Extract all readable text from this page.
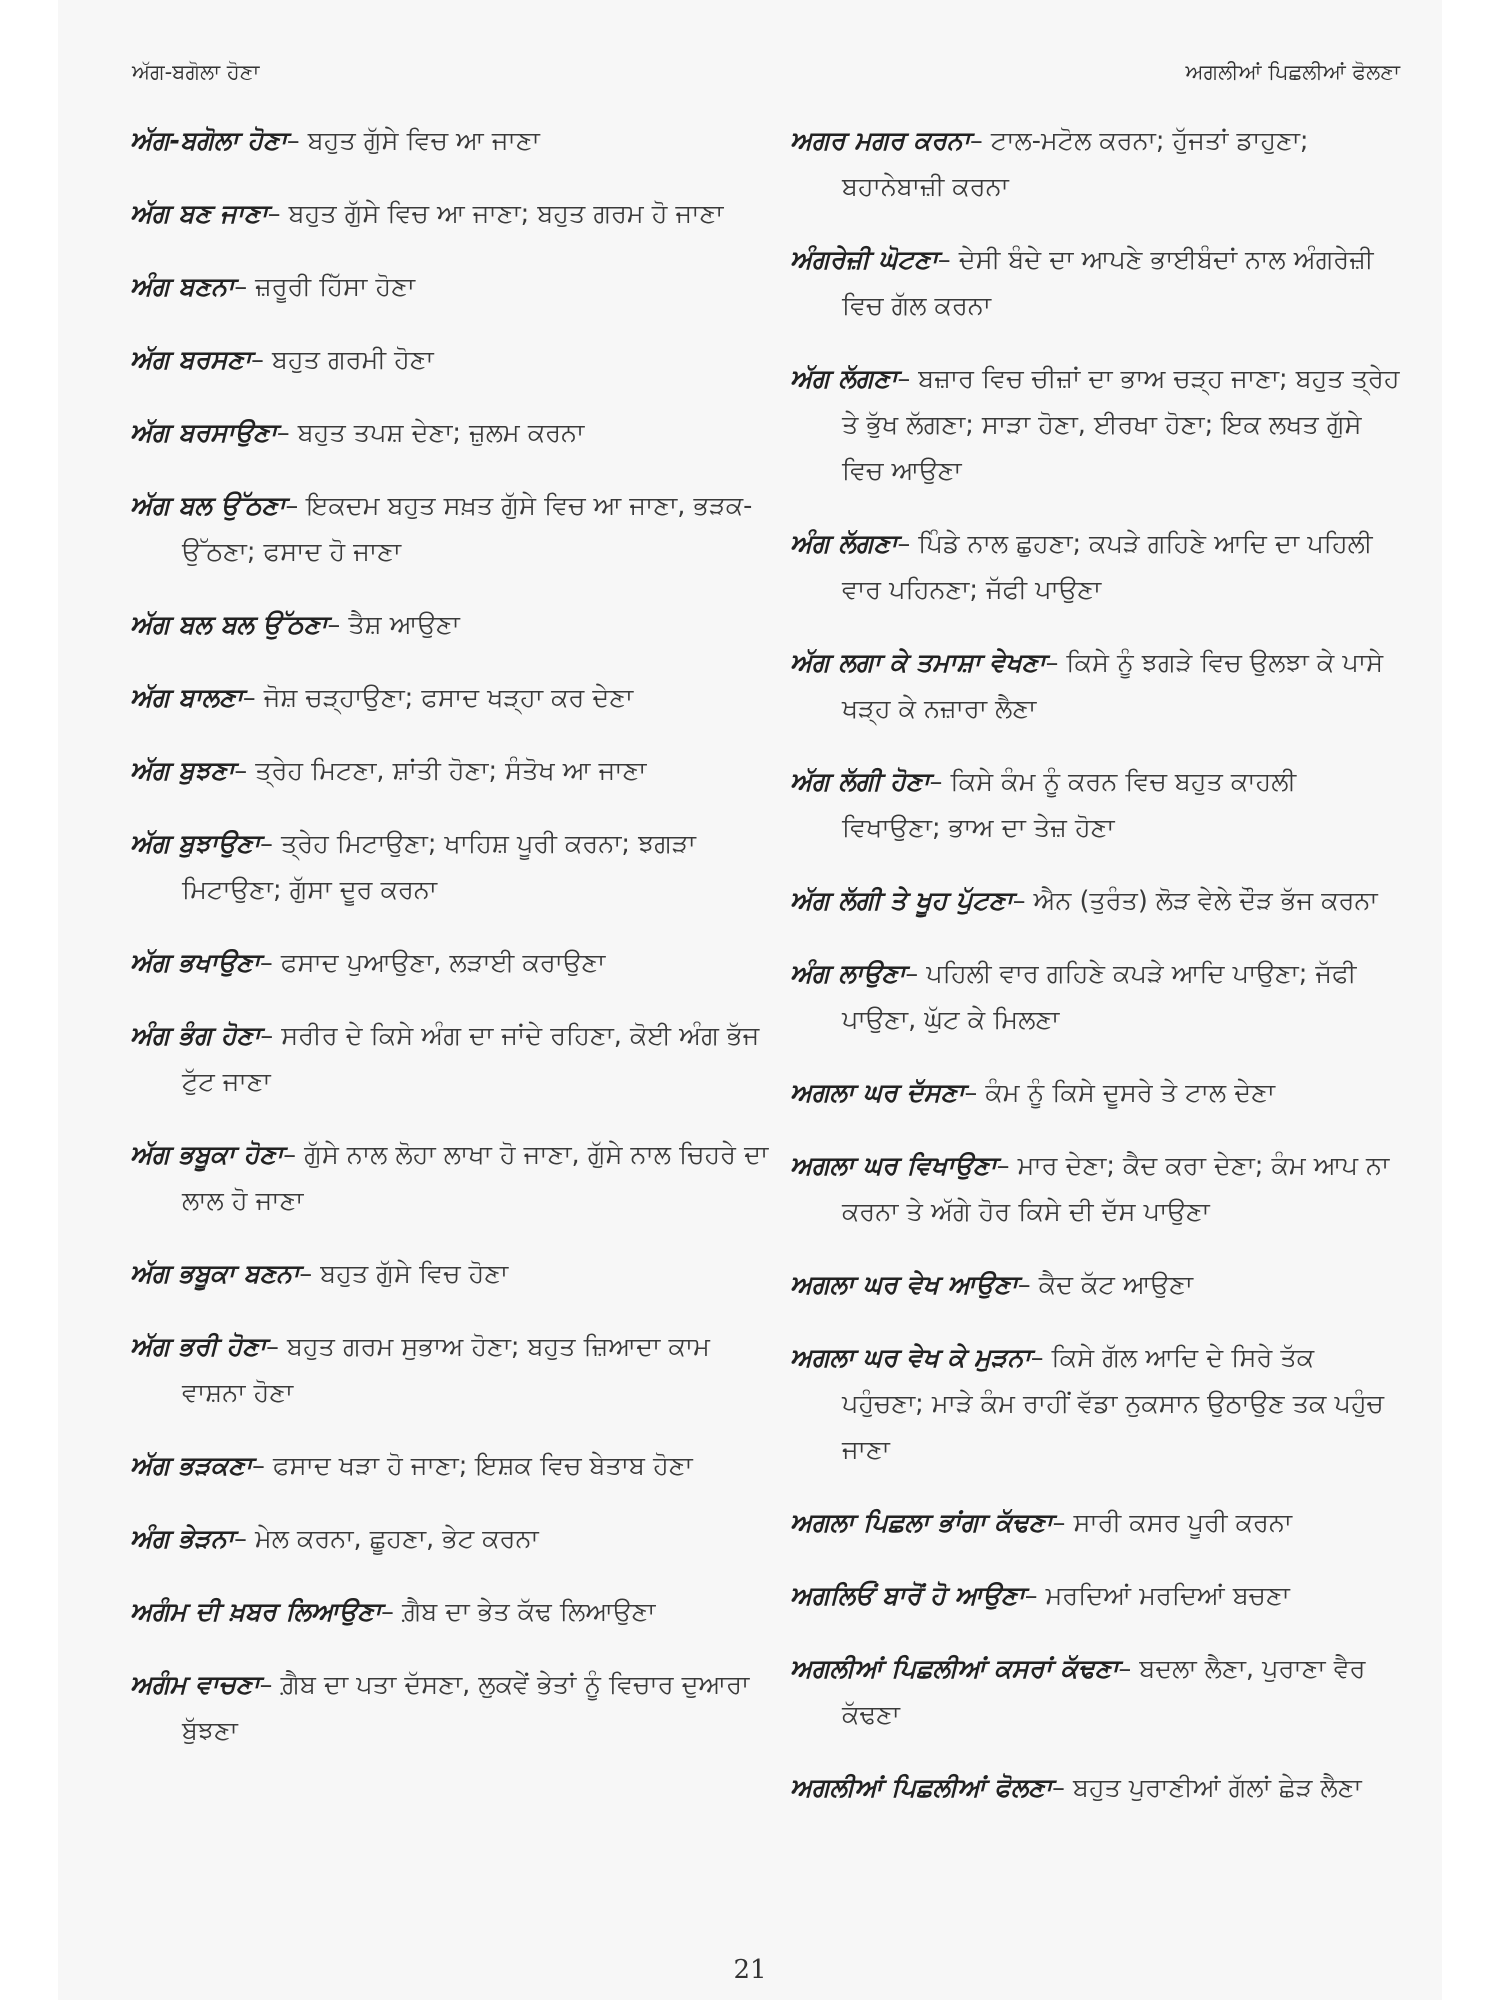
ਅੱਗ-ਬਗੋਲਾ ਹੋਣਾ	ਅਗਲੀਆਂ ਪਿਛਲੀਆਂ ਫੋਲਣਾ
ਅੱਗ-ਬਗੋਲਾ ਹੋਣਾ– ਬਹੁਤ ਗੁੱਸੇ ਵਿਚ ਆ ਜਾਣਾ
ਅੱਗ ਬਣ ਜਾਣਾ– ਬਹੁਤ ਗੁੱਸੇ ਵਿਚ ਆ ਜਾਣਾ; ਬਹੁਤ ਗਰਮ ਹੋ ਜਾਣਾ
ਅੰਗ ਬਣਨਾ– ਜ਼ਰੂਰੀ ਹਿੱਸਾ ਹੋਣਾ
ਅੱਗ ਬਰਸਣਾ– ਬਹੁਤ ਗਰਮੀ ਹੋਣਾ
ਅੱਗ ਬਰਸਾਉਣਾ– ਬਹੁਤ ਤਪਸ਼ ਦੇਣਾ; ਜ਼ੁਲਮ ਕਰਨਾ
ਅੱਗ ਬਲ ਉੱਠਣਾ– ਇਕਦਮ ਬਹੁਤ ਸਖ਼ਤ ਗੁੱਸੇ ਵਿਚ ਆ ਜਾਣਾ, ਭੜਕ-ਉੱਠਣਾ; ਫਸਾਦ ਹੋ ਜਾਣਾ
ਅੱਗ ਬਲ ਬਲ ਉੱਠਣਾ– ਤੈਸ਼ ਆਉਣਾ
ਅੱਗ ਬਾਲਣਾ– ਜੋਸ਼ ਚੜ੍ਹਾਉਣਾ; ਫਸਾਦ ਖੜ੍ਹਾ ਕਰ ਦੇਣਾ
ਅੱਗ ਬੁਝਣਾ– ਤ੍ਰੇਹ ਮਿਟਣਾ, ਸ਼ਾਂਤੀ ਹੋਣਾ; ਸੰਤੋਖ ਆ ਜਾਣਾ
ਅੱਗ ਬੁਝਾਉਣਾ– ਤ੍ਰੇਹ ਮਿਟਾਉਣਾ; ਖਾਹਿਸ਼ ਪੂਰੀ ਕਰਨਾ; ਝਗੜਾ ਮਿਟਾਉਣਾ; ਗੁੱਸਾ ਦੂਰ ਕਰਨਾ
ਅੱਗ ਭਖਾਉਣਾ– ਫਸਾਦ ਪੁਆਉਣਾ, ਲੜਾਈ ਕਰਾਉਣਾ
ਅੰਗ ਭੰਗ ਹੋਣਾ– ਸਰੀਰ ਦੇ ਕਿਸੇ ਅੰਗ ਦਾ ਜਾਂਦੇ ਰਹਿਣਾ, ਕੋਈ ਅੰਗ ਭੱਜ ਟੁੱਟ ਜਾਣਾ
ਅੱਗ ਭਬੂਕਾ ਹੋਣਾ– ਗੁੱਸੇ ਨਾਲ ਲੋਹਾ ਲਾਖਾ ਹੋ ਜਾਣਾ, ਗੁੱਸੇ ਨਾਲ ਚਿਹਰੇ ਦਾ ਲਾਲ ਹੋ ਜਾਣਾ
ਅੱਗ ਭਬੂਕਾ ਬਣਨਾ– ਬਹੁਤ ਗੁੱਸੇ ਵਿਚ ਹੋਣਾ
ਅੱਗ ਭਰੀ ਹੋਣਾ– ਬਹੁਤ ਗਰਮ ਸੁਭਾਅ ਹੋਣਾ; ਬਹੁਤ ਜ਼ਿਆਦਾ ਕਾਮ ਵਾਸ਼ਨਾ ਹੋਣਾ
ਅੱਗ ਭੜਕਣਾ– ਫਸਾਦ ਖੜਾ ਹੋ ਜਾਣਾ; ਇਸ਼ਕ ਵਿਚ ਬੇਤਾਬ ਹੋਣਾ
ਅੰਗ ਭੇੜਨਾ– ਮੇਲ ਕਰਨਾ, ਛੂਹਣਾ, ਭੇਟ ਕਰਨਾ
ਅਗੰਮ ਦੀ ਖ਼ਬਰ ਲਿਆਉਣਾ– ਗ਼ੈਬ ਦਾ ਭੇਤ ਕੱਢ ਲਿਆਉਣਾ
ਅਗੰਮ ਵਾਚਣਾ– ਗ਼ੈਬ ਦਾ ਪਤਾ ਦੱਸਣਾ, ਲੁਕਵੇਂ ਭੇਤਾਂ ਨੂੰ ਵਿਚਾਰ ਦੁਆਰਾ ਬੁੱਝਣਾ
ਅਗਰ ਮਗਰ ਕਰਨਾ– ਟਾਲ-ਮਟੋਲ ਕਰਨਾ; ਹੁੱਜਤਾਂ ਡਾਹੁਣਾ; ਬਹਾਨੇਬਾਜ਼ੀ ਕਰਨਾ
ਅੰਗਰੇਜ਼ੀ ਘੋਟਣਾ– ਦੇਸੀ ਬੰਦੇ ਦਾ ਆਪਣੇ ਭਾਈਬੰਦਾਂ ਨਾਲ ਅੰਗਰੇਜ਼ੀ ਵਿਚ ਗੱਲ ਕਰਨਾ
ਅੱਗ ਲੱਗਣਾ– ਬਜ਼ਾਰ ਵਿਚ ਚੀਜ਼ਾਂ ਦਾ ਭਾਅ ਚੜ੍ਹ ਜਾਣਾ; ਬਹੁਤ ਤ੍ਰੇਹ ਤੇ ਭੁੱਖ ਲੱਗਣਾ; ਸਾੜਾ ਹੋਣਾ, ਈਰਖਾ ਹੋਣਾ; ਇਕ ਲਖਤ ਗੁੱਸੇ ਵਿਚ ਆਉਣਾ
ਅੰਗ ਲੱਗਣਾ– ਪਿੰਡੇ ਨਾਲ ਛੁਹਣਾ; ਕਪੜੇ ਗਹਿਣੇ ਆਦਿ ਦਾ ਪਹਿਲੀ ਵਾਰ ਪਹਿਨਣਾ; ਜੱਫੀ ਪਾਉਣਾ
ਅੱਗ ਲਗਾ ਕੇ ਤਮਾਸ਼ਾ ਵੇਖਣਾ– ਕਿਸੇ ਨੂੰ ਝਗੜੇ ਵਿਚ ਉਲਝਾ ਕੇ ਪਾਸੇ ਖੜ੍ਹ ਕੇ ਨਜ਼ਾਰਾ ਲੈਣਾ
ਅੱਗ ਲੱਗੀ ਹੋਣਾ– ਕਿਸੇ ਕੰਮ ਨੂੰ ਕਰਨ ਵਿਚ ਬਹੁਤ ਕਾਹਲੀ ਵਿਖਾਉਣਾ; ਭਾਅ ਦਾ ਤੇਜ਼ ਹੋਣਾ
ਅੱਗ ਲੱਗੀ ਤੇ ਖੂਹ ਪੁੱਟਣਾ– ਐਨ (ਤੁਰੰਤ) ਲੋੜ ਵੇਲੇ ਦੌੜ ਭੱਜ ਕਰਨਾ
ਅੰਗ ਲਾਉਣਾ– ਪਹਿਲੀ ਵਾਰ ਗਹਿਣੇ ਕਪੜੇ ਆਦਿ ਪਾਉਣਾ; ਜੱਫੀ ਪਾਉਣਾ, ਘੁੱਟ ਕੇ ਮਿਲਣਾ
ਅਗਲਾ ਘਰ ਦੱਸਣਾ– ਕੰਮ ਨੂੰ ਕਿਸੇ ਦੂਸਰੇ ਤੇ ਟਾਲ ਦੇਣਾ
ਅਗਲਾ ਘਰ ਵਿਖਾਉਣਾ– ਮਾਰ ਦੇਣਾ; ਕੈਦ ਕਰਾ ਦੇਣਾ; ਕੰਮ ਆਪ ਨਾ ਕਰਨਾ ਤੇ ਅੱਗੇ ਹੋਰ ਕਿਸੇ ਦੀ ਦੱਸ ਪਾਉਣਾ
ਅਗਲਾ ਘਰ ਵੇਖ ਆਉਣਾ– ਕੈਦ ਕੱਟ ਆਉਣਾ
ਅਗਲਾ ਘਰ ਵੇਖ ਕੇ ਮੁੜਨਾ– ਕਿਸੇ ਗੱਲ ਆਦਿ ਦੇ ਸਿਰੇ ਤੱਕ ਪਹੁੰਚਣਾ; ਮਾੜੇ ਕੰਮ ਰਾਹੀਂ ਵੱਡਾ ਨੁਕਸਾਨ ਉਠਾਉਣ ਤਕ ਪਹੁੰਚ ਜਾਣਾ
ਅਗਲਾ ਪਿਛਲਾ ਭਾਂਗਾ ਕੱਢਣਾ– ਸਾਰੀ ਕਸਰ ਪੂਰੀ ਕਰਨਾ
ਅਗਲਿਓਂ ਬਾਰੋਂ ਹੋ ਆਉਣਾ– ਮਰਦਿਆਂ ਮਰਦਿਆਂ ਬਚਣਾ
ਅਗਲੀਆਂ ਪਿਛਲੀਆਂ ਕਸਰਾਂ ਕੱਢਣਾ– ਬਦਲਾ ਲੈਣਾ, ਪੁਰਾਣਾ ਵੈਰ ਕੱਢਣਾ
ਅਗਲੀਆਂ ਪਿਛਲੀਆਂ ਫੋਲਣਾ– ਬਹੁਤ ਪੁਰਾਣੀਆਂ ਗੱਲਾਂ ਛੇੜ ਲੈਣਾ
21
